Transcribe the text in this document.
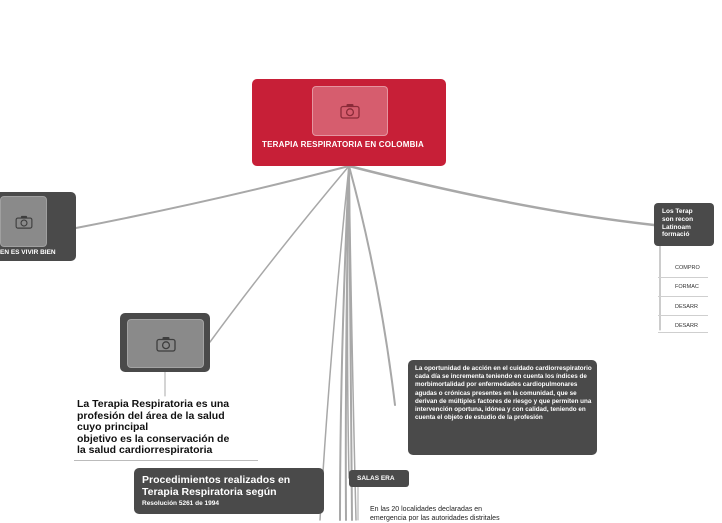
TERAPIA RESPIRATORIA EN COLOMBIA
EN ES VIVIR BIEN
La Terapia Respiratoria es una
profesión del área de la salud
cuyo principal
objetivo es la conservación de
la salud cardiorrespiratoria
Procedimientos realizados en Terapia Respiratoria según
Resolución 5261 de 1994
La oportunidad de acción en el cuidado cardiorrespiratorio cada día se incrementa teniendo en cuenta los índices de morbimortalidad por enfermedades cardiopulmonares agudas o crónicas presentes en la comunidad, que se derivan de múltiples factores de riesgo y que permiten una intervención oportuna, idónea y con calidad, teniendo en cuenta el objeto de estudio de la profesión
SALAS ERA
En las 20 localidades declaradas en
emergencia por las autoridades distritales
Los Terap
son recon
Latinoam
formació
COMPRO
FORMAC
DESARR
DESARR
